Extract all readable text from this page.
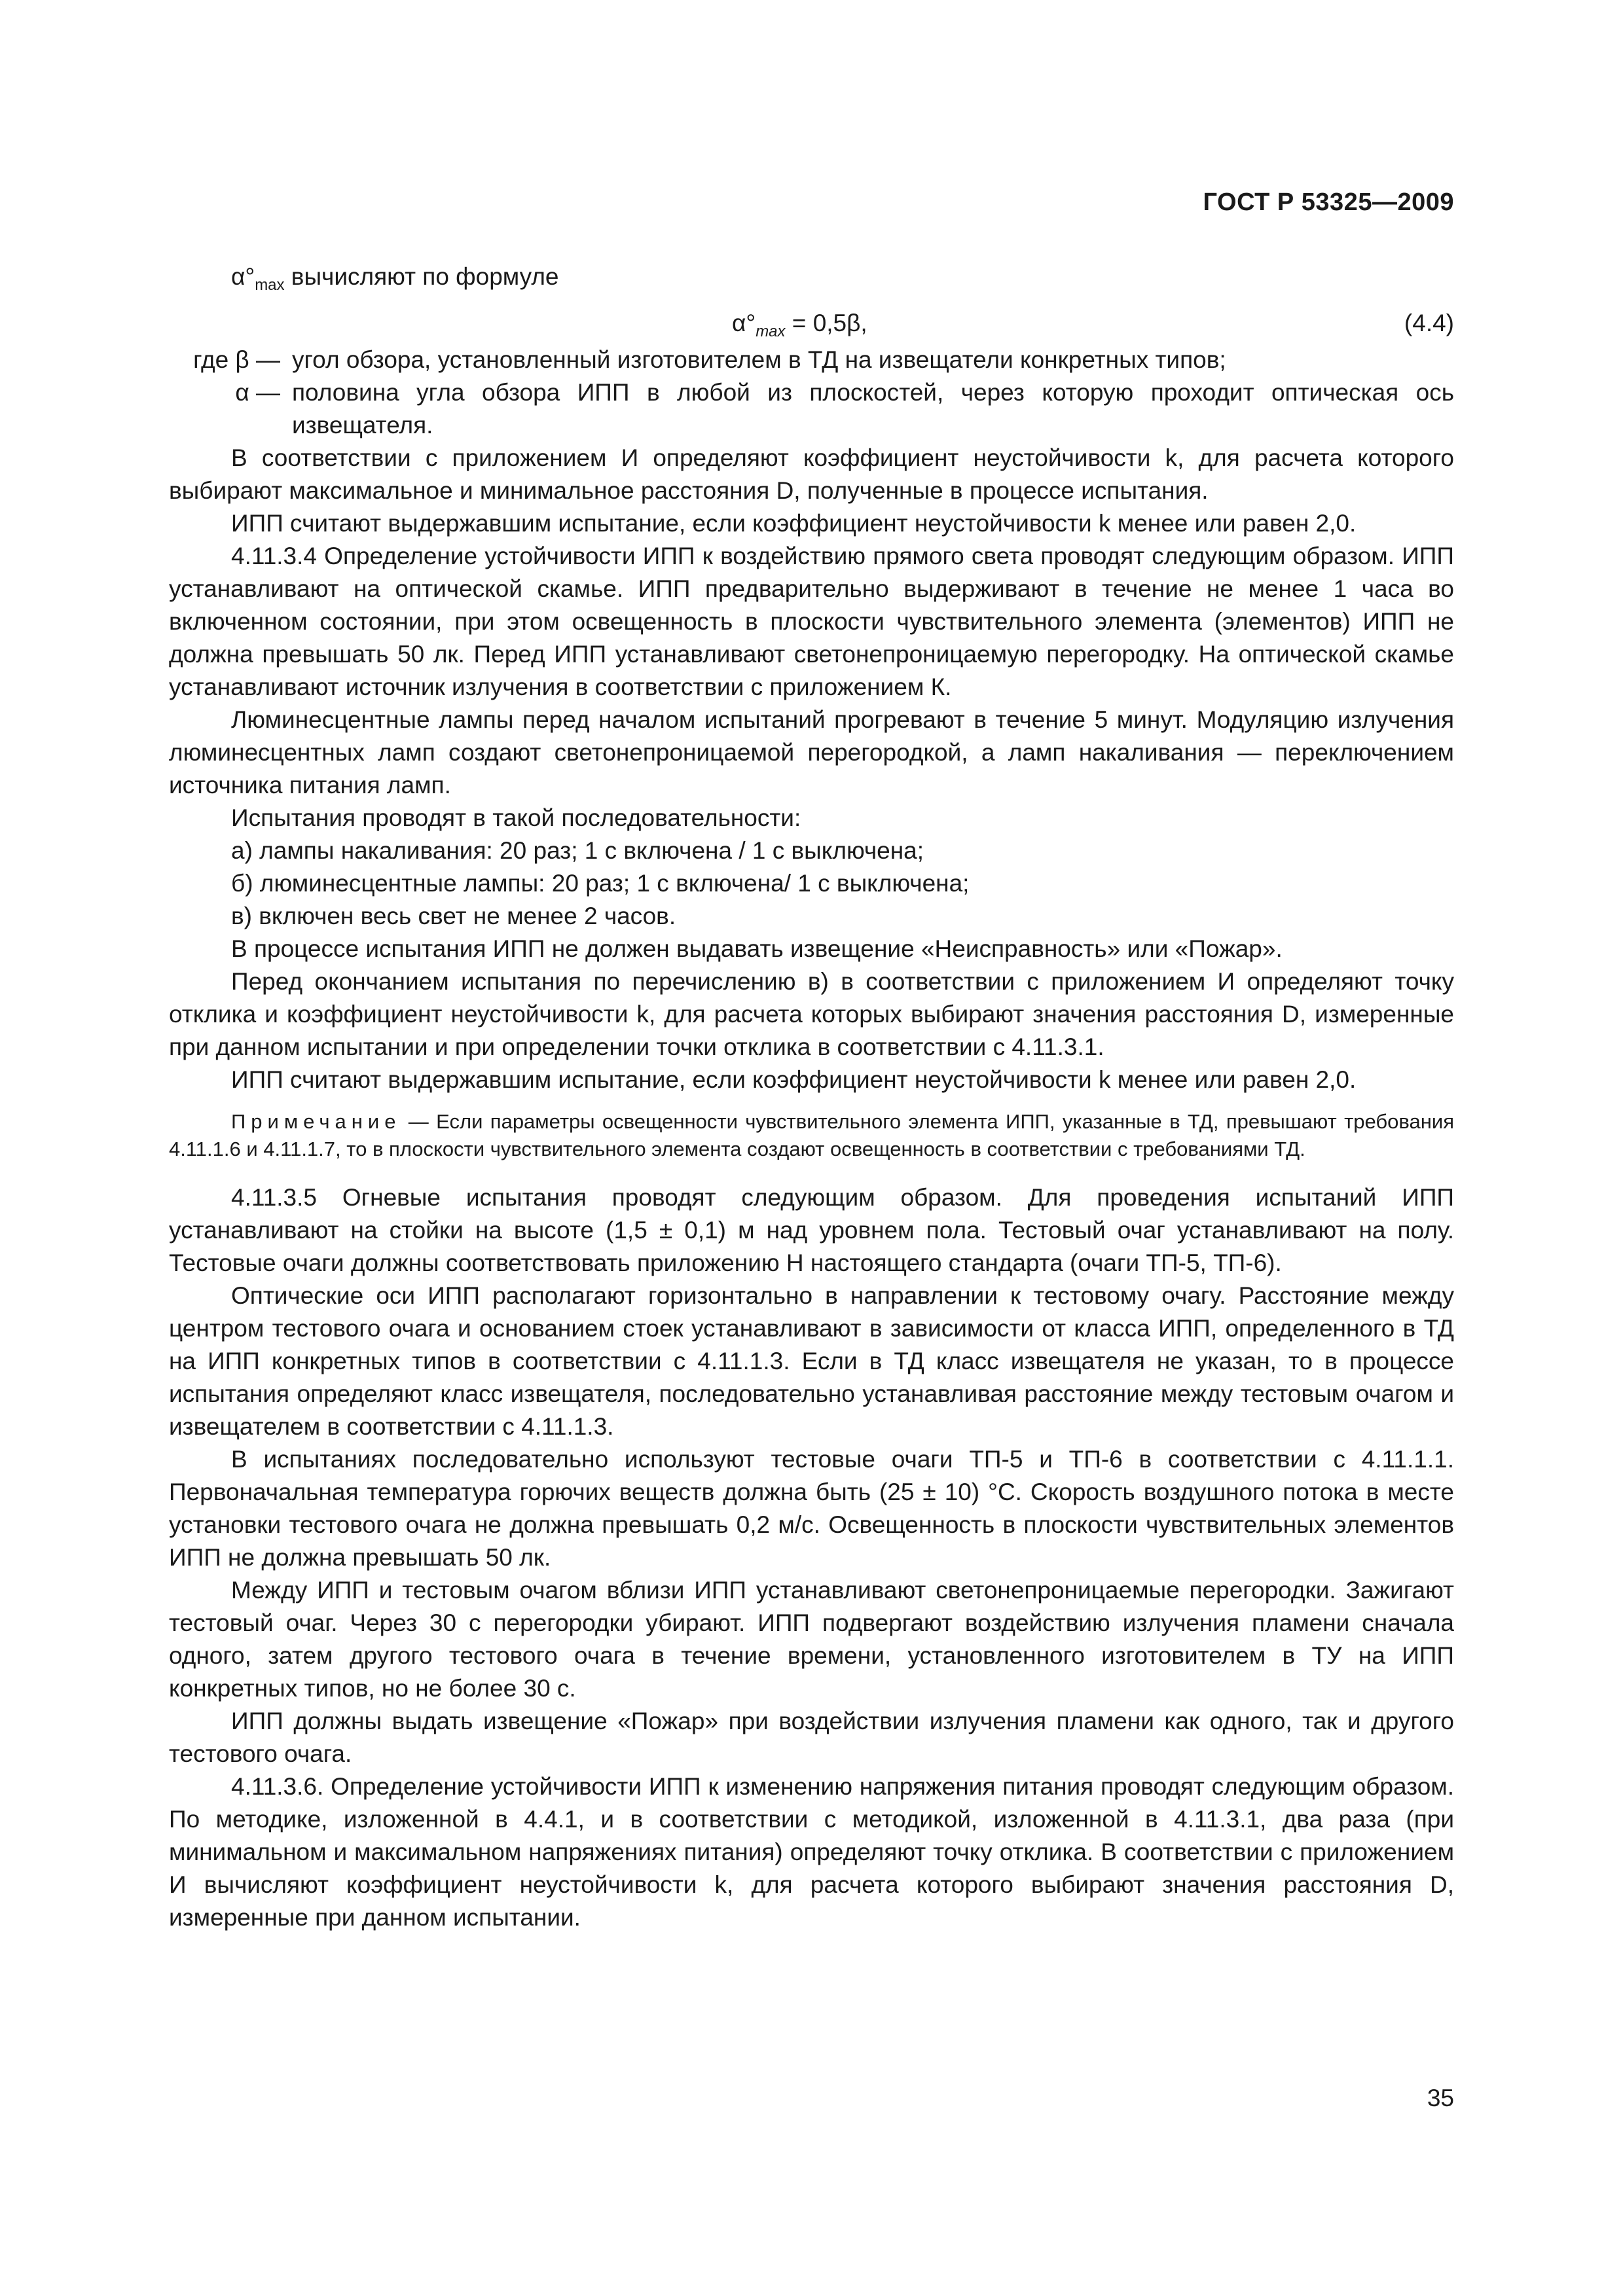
ГОСТ Р 53325—2009

$\alpha^\circ_{max}$ вычисляют по формуле

$\alpha^\circ_{max} = 0,5\beta$,	(4.4)
где β — угол обзора, установленный изготовителем в ТД на извещатели конкретных типов;
α — половина угла обзора ИПП в любой из плоскостей, через которую проходит оптическая ось извещателя.

В соответствии с приложением И определяют коэффициент неустойчивости k, для расчета которого выбирают максимальное и минимальное расстояния D, полученные в процессе испытания.

ИПП считают выдержавшим испытание, если коэффициент неустойчивости k менее или равен 2,0.

4.11.3.4 Определение устойчивости ИПП к воздействию прямого света проводят следующим образом. ИПП устанавливают на оптической скамье. ИПП предварительно выдерживают в течение не менее 1 часа во включенном состоянии, при этом освещенность в плоскости чувствительного элемента (элементов) ИПП не должна превышать 50 лк. Перед ИПП устанавливают светонепроницаемую перегородку. На оптической скамье устанавливают источник излучения в соответствии с приложением К.

Люминесцентные лампы перед началом испытаний прогревают в течение 5 минут. Модуляцию излучения люминесцентных ламп создают светонепроницаемой перегородкой, а ламп накаливания — переключением источника питания ламп.

Испытания проводят в такой последовательности:

а) лампы накаливания: 20 раз; 1 с включена / 1 с выключена;

б) люминесцентные лампы: 20 раз; 1 с включена/ 1 с выключена;

в) включен весь свет не менее 2 часов.

В процессе испытания ИПП не должен выдавать извещение «Неисправность» или «Пожар».

Перед окончанием испытания по перечислению в) в соответствии с приложением И определяют точку отклика и коэффициент неустойчивости k, для расчета которых выбирают значения расстояния D, измеренные при данном испытании и при определении точки отклика в соответствии с 4.11.3.1.

ИПП считают выдержавшим испытание, если коэффициент неустойчивости k менее или равен 2,0.

Примечание — Если параметры освещенности чувствительного элемента ИПП, указанные в ТД, превышают требования 4.11.1.6 и 4.11.1.7, то в плоскости чувствительного элемента создают освещенность в соответствии с требованиями ТД.

4.11.3.5 Огневые испытания проводят следующим образом. Для проведения испытаний ИПП устанавливают на стойки на высоте (1,5 ± 0,1) м над уровнем пола. Тестовый очаг устанавливают на полу. Тестовые очаги должны соответствовать приложению Н настоящего стандарта (очаги ТП-5, ТП-6).

Оптические оси ИПП располагают горизонтально в направлении к тестовому очагу. Расстояние между центром тестового очага и основанием стоек устанавливают в зависимости от класса ИПП, определенного в ТД на ИПП конкретных типов в соответствии с 4.11.1.3. Если в ТД класс извещателя не указан, то в процессе испытания определяют класс извещателя, последовательно устанавливая расстояние между тестовым очагом и извещателем в соответствии с 4.11.1.3.

В испытаниях последовательно используют тестовые очаги ТП-5 и ТП-6 в соответствии с 4.11.1.1. Первоначальная температура горючих веществ должна быть (25 ± 10) °С. Скорость воздушного потока в месте установки тестового очага не должна превышать 0,2 м/с. Освещенность в плоскости чувствительных элементов ИПП не должна превышать 50 лк.

Между ИПП и тестовым очагом вблизи ИПП устанавливают светонепроницаемые перегородки. Зажигают тестовый очаг. Через 30 с перегородки убирают. ИПП подвергают воздействию излучения пламени сначала одного, затем другого тестового очага в течение времени, установленного изготовителем в ТУ на ИПП конкретных типов, но не более 30 с.

ИПП должны выдать извещение «Пожар» при воздействии излучения пламени как одного, так и другого тестового очага.

4.11.3.6. Определение устойчивости ИПП к изменению напряжения питания проводят следующим образом. По методике, изложенной в 4.4.1, и в соответствии с методикой, изложенной в 4.11.3.1, два раза (при минимальном и максимальном напряжениях питания) определяют точку отклика. В соответствии с приложением И вычисляют коэффициент неустойчивости k, для расчета которого выбирают значения расстояния D, измеренные при данном испытании.

35
